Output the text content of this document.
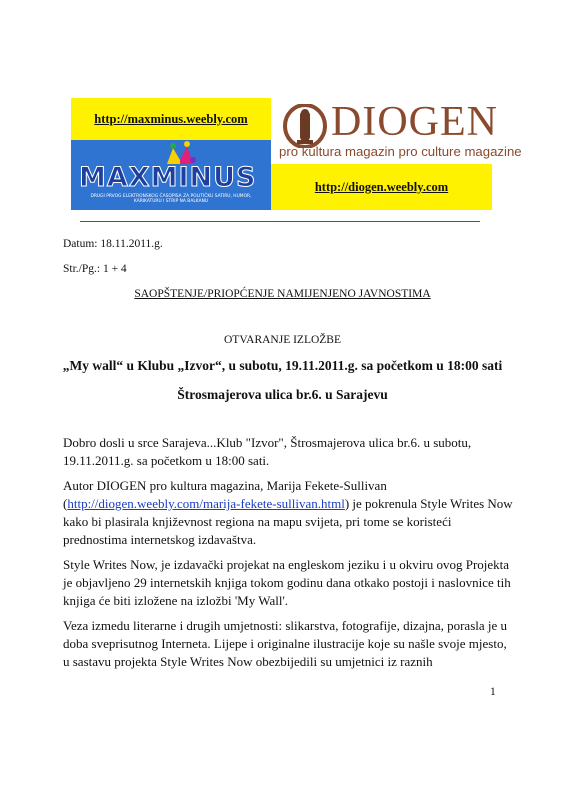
http://maxminus.weebly.com DIOGEN
pro kultura magazin pro culture magazine
MAXMINUS
DRUGI PRVOG ELEKTRONSKOG ČASOPISA ZA POLITIČKU SATIRU, HUMOR, KARIKATURU I STRIP NA BALKANU
http://diogen.weebly.com
Datum: 18.11.2011.g.
Str./Pg.: 1 + 4
SAOPŠTENJE/PRIOPĆENJE NAMIJENJENO JAVNOSTIMA
OTVARANJE IZLOŽBE
„My wall“ u Klubu „Izvor“, u subotu, 19.11.2011.g. sa početkom u 18:00 sati
Štrosmajerova ulica br.6. u Sarajevu
Dobro dosli u srce Sarajeva...Klub "Izvor", Štrosmajerova ulica br.6. u subotu, 19.11.2011.g. sa početkom u 18:00 sati.
Autor DIOGEN pro kultura magazina, Marija Fekete-Sullivan (http://diogen.weebly.com/marija-fekete-sullivan.html) je pokrenula Style Writes Now kako bi plasirala književnost regiona na mapu svijeta, pri tome se koristeći prednostima internetskog izdavaštva.
Style Writes Now, je izdavački projekat na engleskom jeziku i u okviru ovog Projekta je objavljeno 29 internetskih knjiga tokom godinu dana otkako postoji i naslovnice tih knjiga će biti izložene na izložbi 'My Wall'.
Veza izmedu literarne i drugih umjetnosti: slikarstva, fotografije, dizajna, porasla je u doba sveprisutnog Interneta. Lijepe i originalne ilustracije koje su našle svoje mjesto, u sastavu projekta Style Writes Now obezbijedili su umjetnici iz raznih
1
